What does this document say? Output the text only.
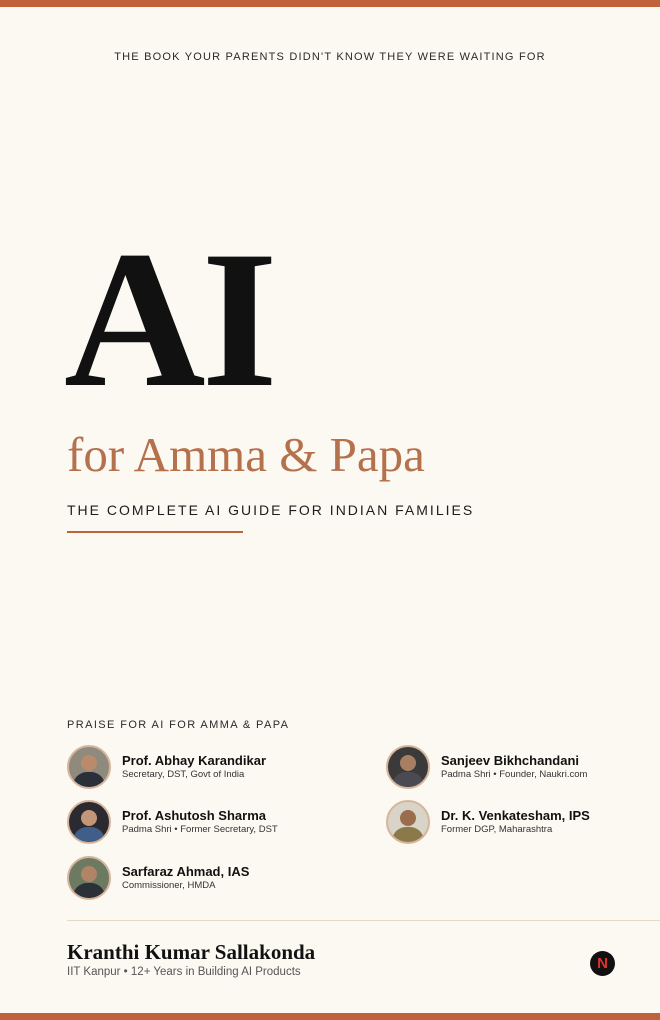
THE BOOK YOUR PARENTS DIDN'T KNOW THEY WERE WAITING FOR
AI
for Amma & Papa
THE COMPLETE AI GUIDE FOR INDIAN FAMILIES
PRAISE FOR AI FOR AMMA & PAPA
Prof. Abhay Karandikar
Secretary, DST, Govt of India
Sanjeev Bikhchandani
Padma Shri • Founder, Naukri.com
Prof. Ashutosh Sharma
Padma Shri • Former Secretary, DST
Dr. K. Venkatesham, IPS
Former DGP, Maharashtra
Sarfaraz Ahmad, IAS
Commissioner, HMDA
Kranthi Kumar Sallakonda
IIT Kanpur • 12+ Years in Building AI Products	N
